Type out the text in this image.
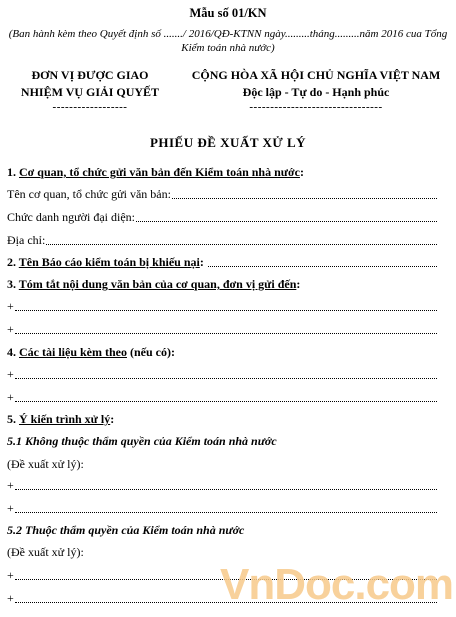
Mẫu số 01/KN
(Ban hành kèm theo Quyết định số ......./ 2016/QĐ-KTNN ngày.........tháng.........năm 2016 cua Tổng Kiểm toán nhà nước)
ĐƠN VỊ ĐƯỢC GIAO
NHIỆM VỤ GIẢI QUYẾT
------------------
CỘNG HÒA XÃ HỘI CHỦ NGHĨA VIỆT NAM
Độc lập - Tự do - Hạnh phúc
--------------------------------
PHIẾU ĐỀ XUẤT XỬ LÝ
1. Cơ quan, tổ chức gửi văn bản đến Kiểm toán nhà nước:
Tên cơ quan, tổ chức gửi văn bản:
Chức danh người đại diện:
Địa chỉ:
2. Tên Báo cáo kiểm toán bị khiếu nại:
3. Tóm tắt nội dung văn bản của cơ quan, đơn vị gửi đến:
+
+
4. Các tài liệu kèm theo (nếu có):
+
+
5. Ý kiến trình xử lý:
5.1 Không thuộc thẩm quyền của Kiểm toán nhà nước
(Đề xuất xử lý):
+
+
5.2 Thuộc thẩm quyền của Kiểm toán nhà nước
(Đề xuất xử lý):
+
+	VnDoc.com
